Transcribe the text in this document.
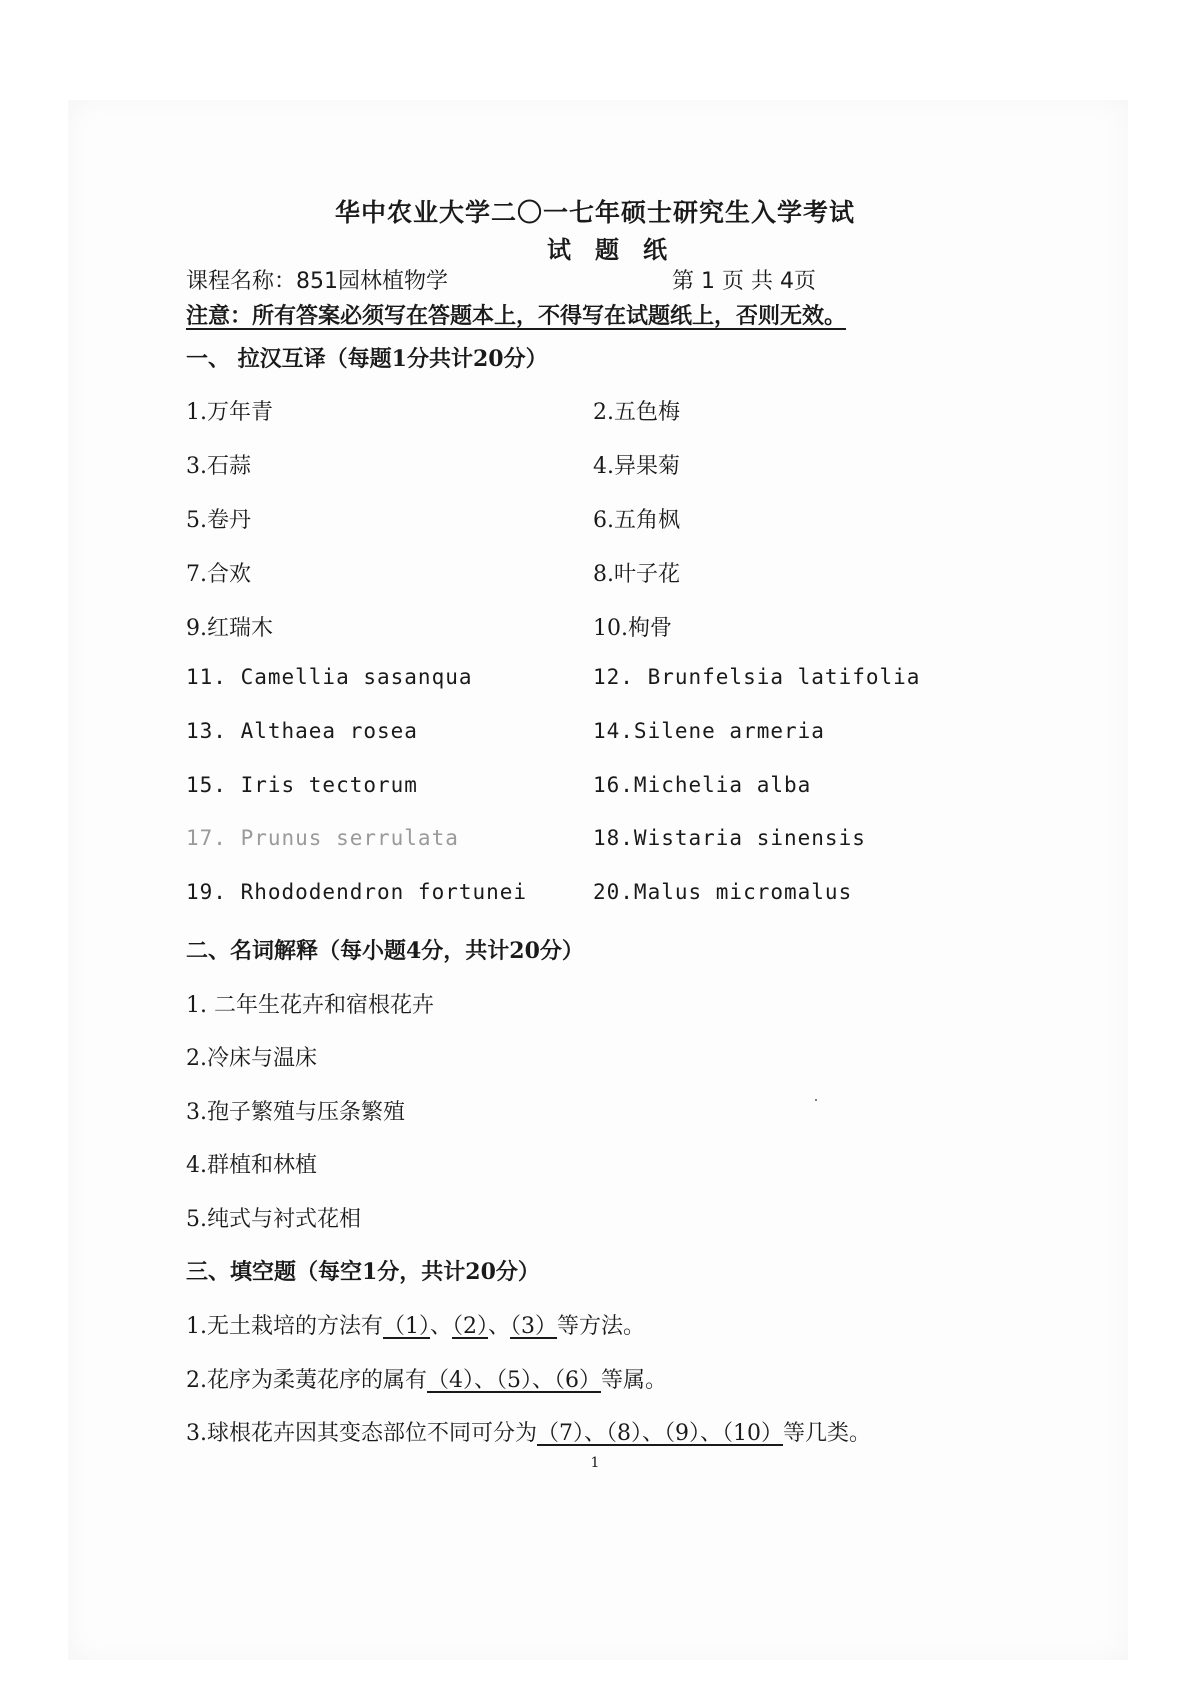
华中农业大学二〇一七年硕士研究生入学考试
试题纸
课程名称：851园林植物学	第 1 页 共 4页
注意：所有答案必须写在答题本上，不得写在试题纸上，否则无效。
一、 拉汉互译（每题1分共计20分）
1.万年青	2.五色梅
3.石蒜	4.异果菊
5.卷丹	6.五角枫
7.合欢	8.叶子花
9.红瑞木	10.枸骨
11. Camellia sasanqua	12. Brunfelsia latifolia
13. Althaea rosea	14.Silene armeria
15. Iris tectorum	16.Michelia alba
17. Prunus serrulata	18.Wistaria sinensis
19. Rhododendron fortunei	20.Malus micromalus
二、名词解释（每小题4分，共计20分）
1. 二年生花卉和宿根花卉
2.冷床与温床
3.孢子繁殖与压条繁殖
4.群植和林植
5.纯式与衬式花相
三、填空题（每空1分，共计20分）
1.无土栽培的方法有（1）、（2）、（3）等方法。
2.花序为柔荑花序的属有（4）、（5）、（6）等属。
3.球根花卉因其变态部位不同可分为（7）、（8）、（9）、（10）等几类。
1
